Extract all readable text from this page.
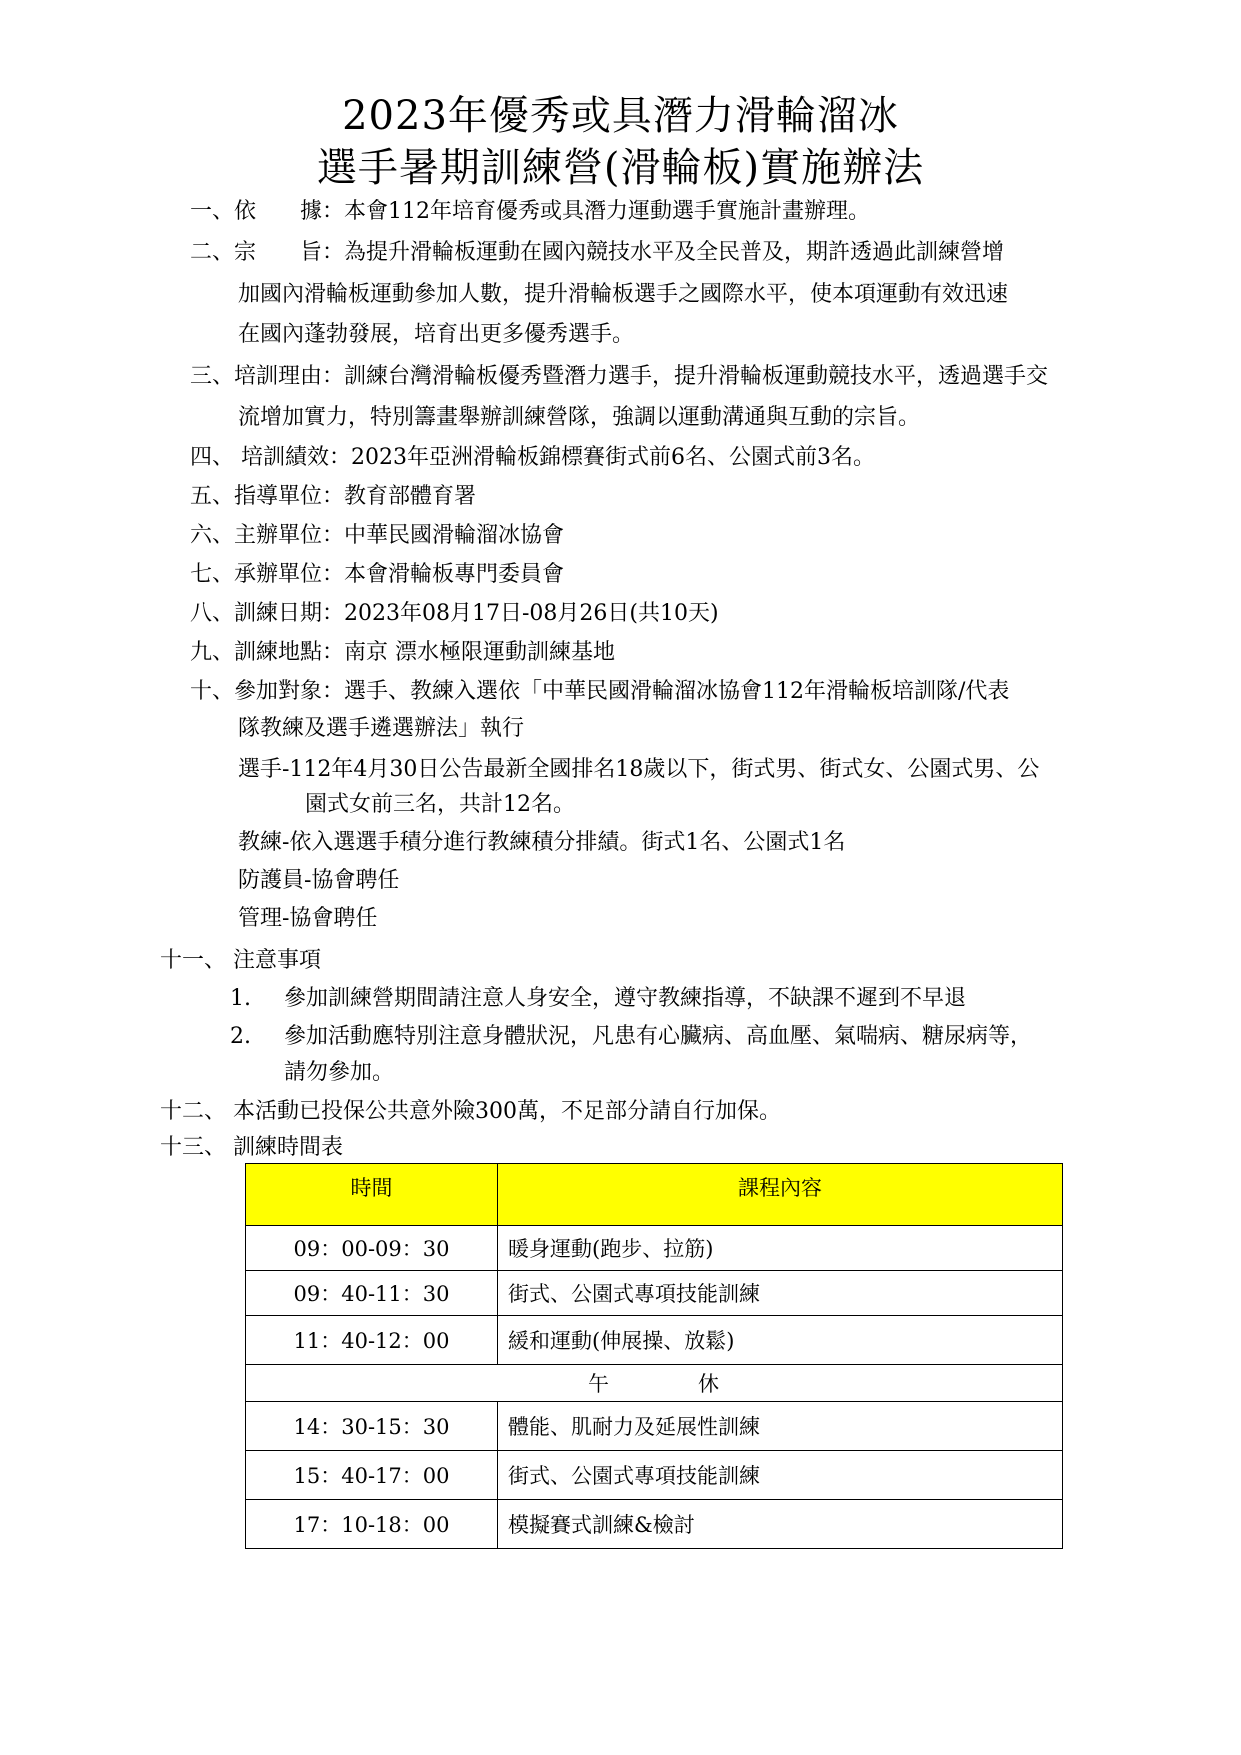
2023年優秀或具潛力滑輪溜冰
選手暑期訓練營(滑輪板)實施辦法
一、依　　據：本會112年培育優秀或具潛力運動選手實施計畫辦理。
二、宗　　旨：為提升滑輪板運動在國內競技水平及全民普及，期許透過此訓練營增
加國內滑輪板運動參加人數，提升滑輪板選手之國際水平，使本項運動有效迅速
在國內蓬勃發展，培育出更多優秀選手。
三、培訓理由：訓練台灣滑輪板優秀暨潛力選手，提升滑輪板運動競技水平，透過選手交
流增加實力，特別籌畫舉辦訓練營隊，強調以運動溝通與互動的宗旨。
四、 培訓績效：2023年亞洲滑輪板錦標賽街式前6名、公園式前3名。
五、指導單位：教育部體育署
六、主辦單位：中華民國滑輪溜冰協會
七、承辦單位：本會滑輪板專門委員會
八、訓練日期：2023年08月17日-08月26日(共10天)
九、訓練地點：南京 漂水極限運動訓練基地
十、參加對象：選手、教練入選依「中華民國滑輪溜冰協會112年滑輪板培訓隊/代表
隊教練及選手遴選辦法」執行
選手-112年4月30日公告最新全國排名18歲以下，街式男、街式女、公園式男、公
園式女前三名，共計12名。
教練-依入選選手積分進行教練積分排績。街式1名、公園式1名
防護員-協會聘任
管理-協會聘任
十一、 注意事項
1. 參加訓練營期間請注意人身安全，遵守教練指導，不缺課不遲到不早退
2. 參加活動應特別注意身體狀況，凡患有心臟病、高血壓、氣喘病、糖尿病等，
請勿參加。
十二、 本活動已投保公共意外險300萬，不足部分請自行加保。
十三、 訓練時間表
時間	課程內容
09：00-09：30	暖身運動(跑步、拉筋)
09：40-11：30	街式、公園式專項技能訓練
11：40-12：00	緩和運動(伸展操、放鬆)
午　　　　休	
14：30-15：30	體能、肌耐力及延展性訓練
15：40-17：00	街式、公園式專項技能訓練
17：10-18：00	模擬賽式訓練&檢討
